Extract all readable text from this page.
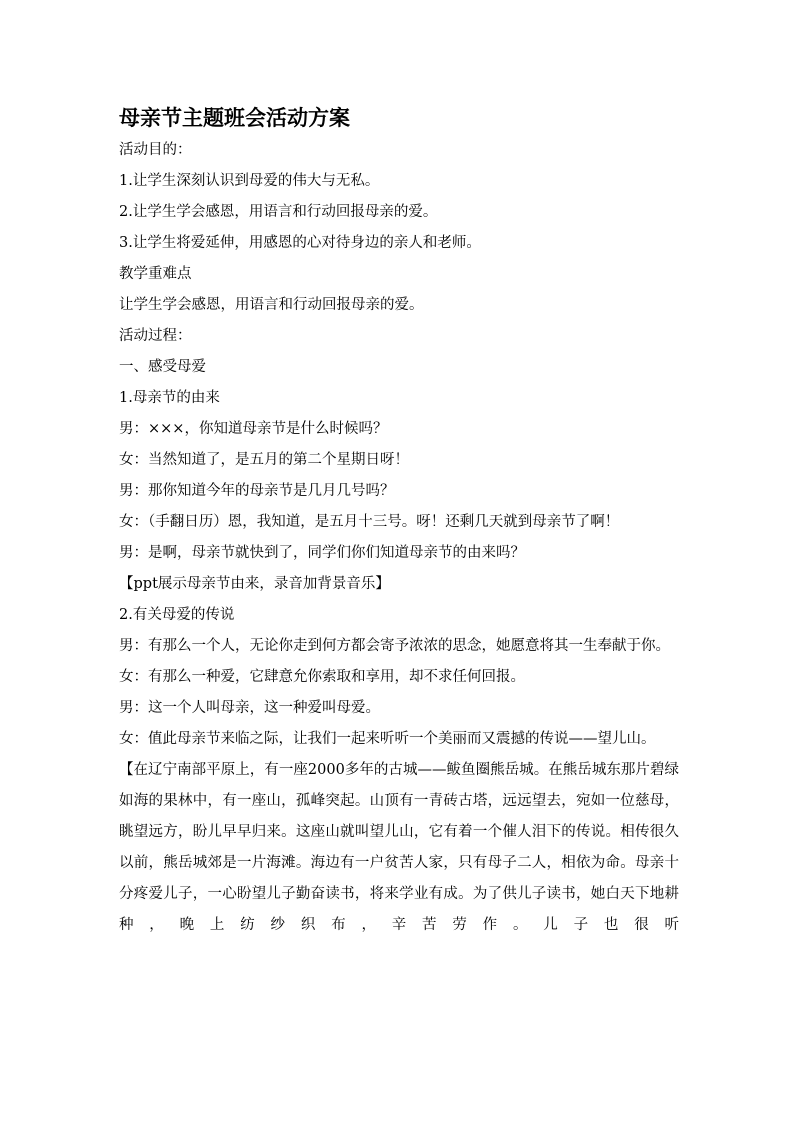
母亲节主题班会活动方案
活动目的：
1.让学生深刻认识到母爱的伟大与无私。
2.让学生学会感恩，用语言和行动回报母亲的爱。
3.让学生将爱延伸，用感恩的心对待身边的亲人和老师。
教学重难点
让学生学会感恩，用语言和行动回报母亲的爱。
活动过程：
一、感受母爱
1.母亲节的由来
男：×××，你知道母亲节是什么时候吗？
女：当然知道了，是五月的第二个星期日呀！
男：那你知道今年的母亲节是几月几号吗？
女：（手翻日历）恩，我知道，是五月十三号。呀！还剩几天就到母亲节了啊！
男：是啊，母亲节就快到了，同学们你们知道母亲节的由来吗？
【ppt展示母亲节由来，录音加背景音乐】
2.有关母爱的传说
男：有那么一个人，无论你走到何方都会寄予浓浓的思念，她愿意将其一生奉献于你。
女：有那么一种爱，它肆意允你索取和享用，却不求任何回报。
男：这一个人叫母亲，这一种爱叫母爱。
女：值此母亲节来临之际，让我们一起来听听一个美丽而又震撼的传说——望儿山。
【在辽宁南部平原上，有一座2000多年的古城——鲅鱼圈熊岳城。在熊岳城东那片碧绿如海的果林中，有一座山，孤峰突起。山顶有一青砖古塔，远远望去，宛如一位慈母，眺望远方，盼儿早早归来。这座山就叫望儿山，它有着一个催人泪下的传说。相传很久以前，熊岳城郊是一片海滩。海边有一户贫苦人家，只有母子二人，相依为命。母亲十分疼爱儿子，一心盼望儿子勤奋读书，将来学业有成。为了供儿子读书，她白天下地耕种，晚上纺纱织布，辛苦劳作。儿子也很听
